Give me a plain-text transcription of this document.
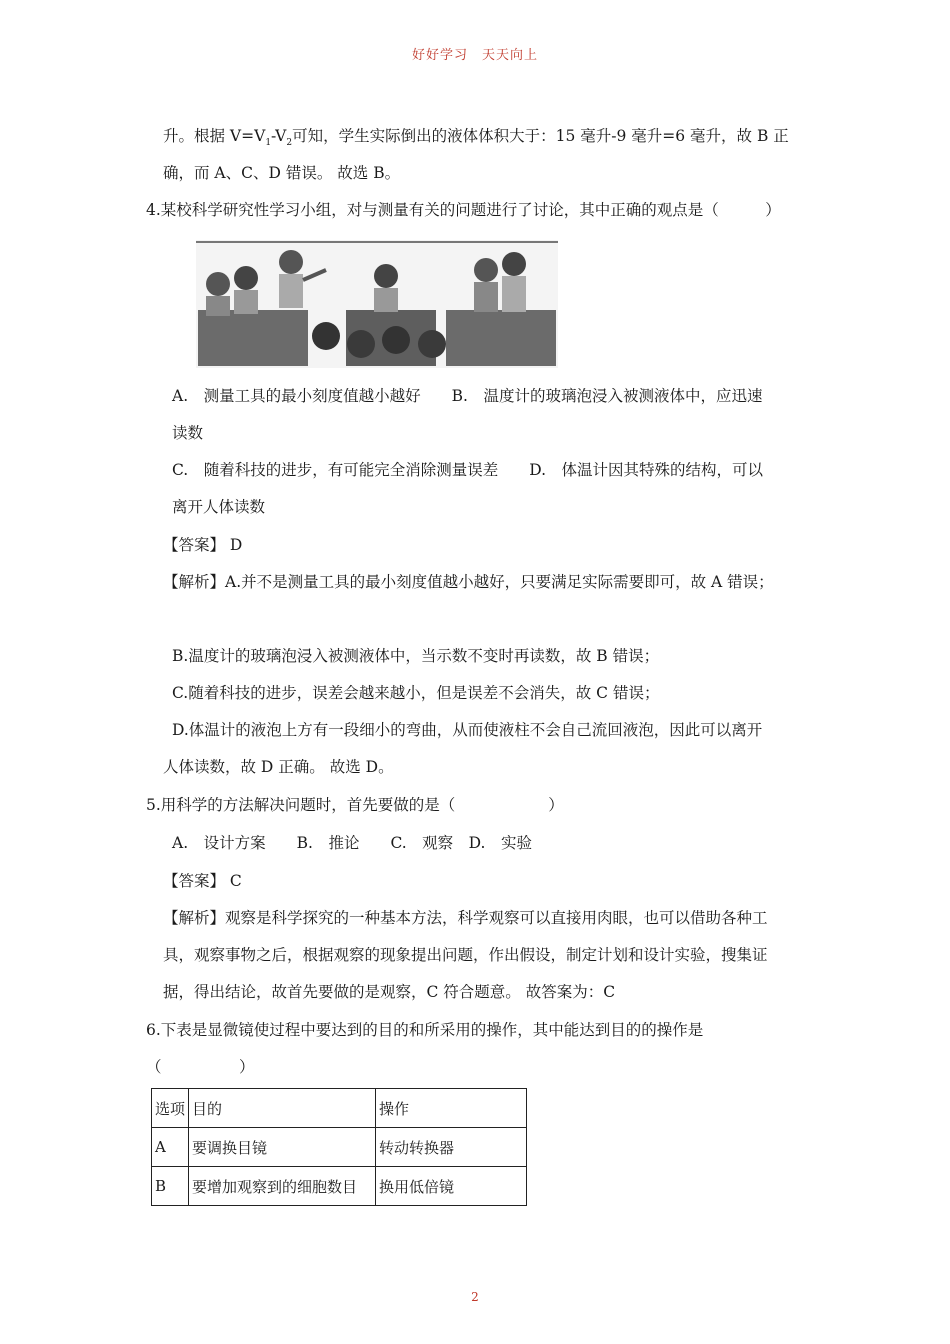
好好学习　天天向上
升。根据 $V=V_1-V_2$可知，学生实际倒出的液体体积大于：15 毫升-9 毫升=6 毫升，故 B 正
确，而 A、C、D 错误。 故选 B。
4.某校科学研究性学习小组，对与测量有关的问题进行了讨论，其中正确的观点是（　　　）
A.　测量工具的最小刻度值越小越好　　B.　温度计的玻璃泡浸入被测液体中，应迅速
读数
C.　随着科技的进步，有可能完全消除测量误差　　D.　体温计因其特殊的结构，可以
离开人体读数
【答案】 D
【解析】A.并不是测量工具的最小刻度值越小越好，只要满足实际需要即可，故 A 错误；
B.温度计的玻璃泡浸入被测液体中，当示数不变时再读数，故 B 错误；
C.随着科技的进步，误差会越来越小，但是误差不会消失，故 C 错误；
D.体温计的液泡上方有一段细小的弯曲，从而使液柱不会自己流回液泡，因此可以离开
人体读数，故 D 正确。 故选 D。
5.用科学的方法解决问题时，首先要做的是（　　　　　　）
A.　设计方案　　B.　推论　　C.　观察　D.　实验
【答案】 C
【解析】观察是科学探究的一种基本方法，科学观察可以直接用肉眼，也可以借助各种工
具，观察事物之后，根据观察的现象提出问题，作出假设，制定计划和设计实验，搜集证
据，得出结论，故首先要做的是观察，C 符合题意。 故答案为：C
6.下表是显微镜使过程中要达到的目的和所采用的操作，其中能达到目的的操作是
（　　　　　）
选项	目的	操作
A	要调换目镜	转动转换器
B	要增加观察到的细胞数目	换用低倍镜
2
